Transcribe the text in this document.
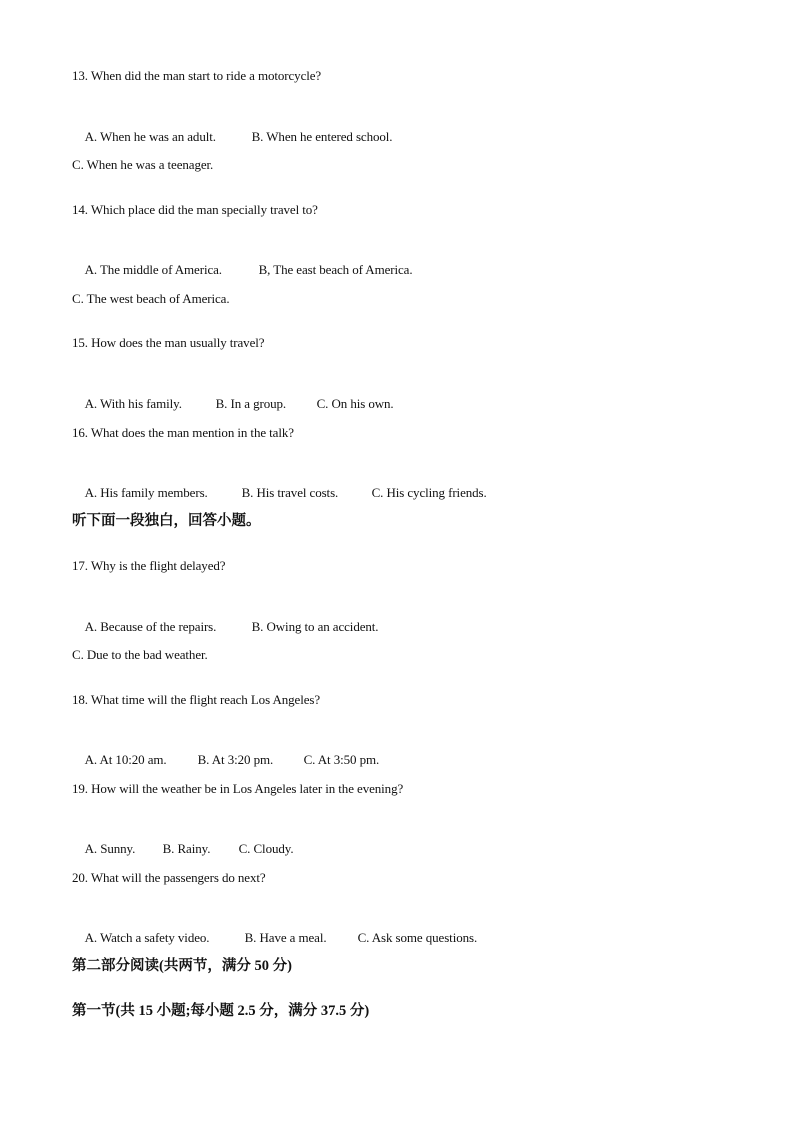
13. When did the man start to ride a motorcycle?

A. When he was an adult.	B. When he entered school.

C. When he was a teenager.
14. Which place did the man specially travel to?

A. The middle of America.	B, The east beach of America.

C. The west beach of America.
15. How does the man usually travel?

A. With his family.	B. In a group. C. On his own.

16. What does the man mention in the talk?

A. His family members.	B. His travel costs.	C. His cycling friends.

听下面一段独白，回答小题。
17. Why is the flight delayed?

A. Because of the repairs.	B. Owing to an accident.

C. Due to the bad weather.
18. What time will the flight reach Los Angeles?

A. At 10:20 am. B. At 3:20 pm. C. At 3:50 pm.

19. How will the weather be in Los Angeles later in the evening?

A. Sunny. B. Rainy. C. Cloudy.

20. What will the passengers do next?

A. Watch a safety video.	B. Have a meal. C. Ask some questions.

第二部分阅读(共两节，满分 50 分)
第一节(共 15 小题;每小题 2.5 分，满分 37.5 分)
